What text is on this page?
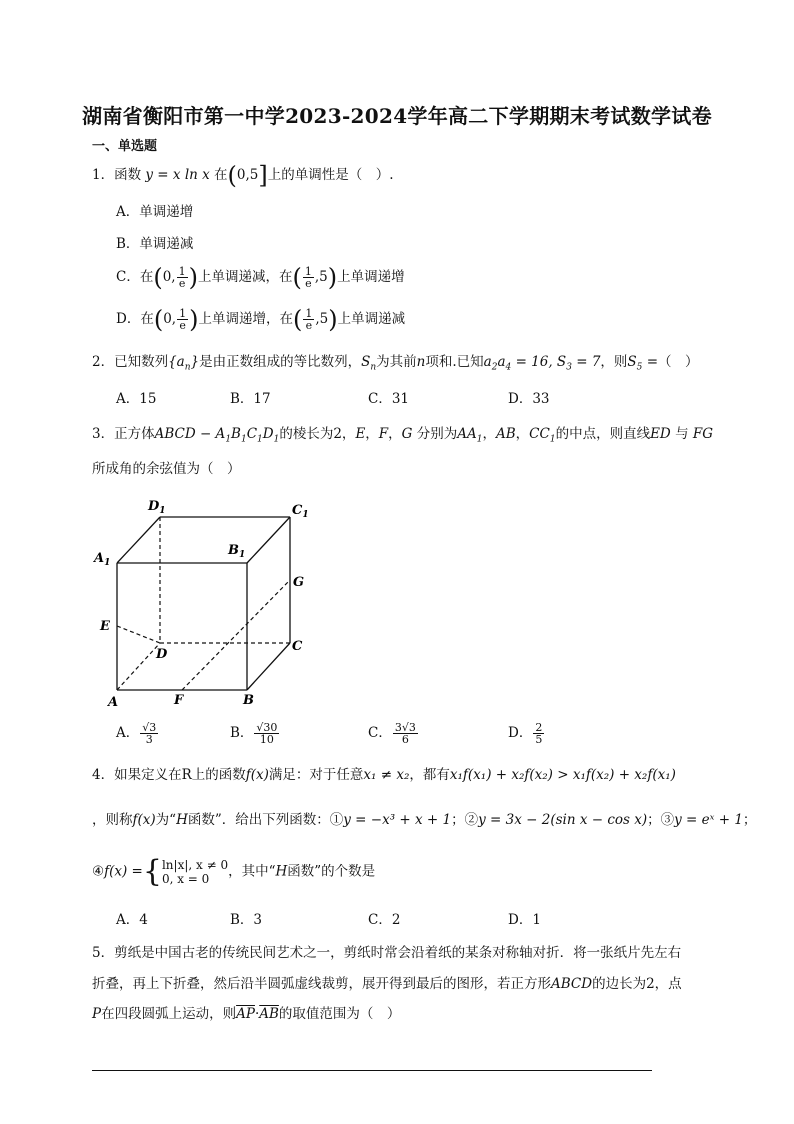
湖南省衡阳市第一中学2023-2024学年高二下学期期末考试数学试卷
一、单选题
1．函数 y = x ln x 在(0,5]上的单调性是（　）.
A．单调递增
B．单调递减
C．在(0, $\frac{1}{e}$ )上单调递减，在( $\frac{1}{e} ,5$)上单调递增
D．在(0, $\frac{1}{e}$ )上单调递增，在( $\frac{1}{e} ,5$)上单调递减
2．已知数列$\{a_n\}$是由正数组成的等比数列，$S_n$为其前n项和.已知$a_2a_4 = 16$, $S_3 = 7$，则$S_5$ =（　）
A．15	B．17	C．31	D．33
3．正方体ABCD − $A_1B_1C_1D_1$的棱长为2，E，F，G 分别为$AA_1$，AB，$CC_1$的中点，则直线ED 与 FG
所成角的余弦值为（　）
$D_1$	$C_1$
$A_1$
$B_1$
G
E
D
C
A	F	B
A． $\frac{√3}{3}$	B． $\frac{√30}{10}$	C． $\frac{3√3}{6}$	D． $\frac{2}{5}$
4．如果定义在R上的函数f(x)满足：对于任意x₁ ≠ x₂，都有x₁f(x₁) + x₂f(x₂) > x₁f(x₂) + x₂f(x₁)
，则称f(x)为“H函数”．给出下列函数：①y = −x³ + x + 1；②y = 3x − 2(sin x − cos x)；③y = eˣ + 1；
④f(x) ={ ln|x|, x ≠ 0
0, x = 0	，其中“H函数”的个数是
A．4	B．3	C．2	D．1
5．剪纸是中国古老的传统民间艺术之一，剪纸时常会沿着纸的某条对称轴对折．将一张纸片先左右
折叠，再上下折叠，然后沿半圆弧虚线裁剪，展开得到最后的图形，若正方形ABCD的边长为2，点
P在四段圆弧上运动，则$\overline{AP}\cdot\overline{AB}$的取值范围为（　）
